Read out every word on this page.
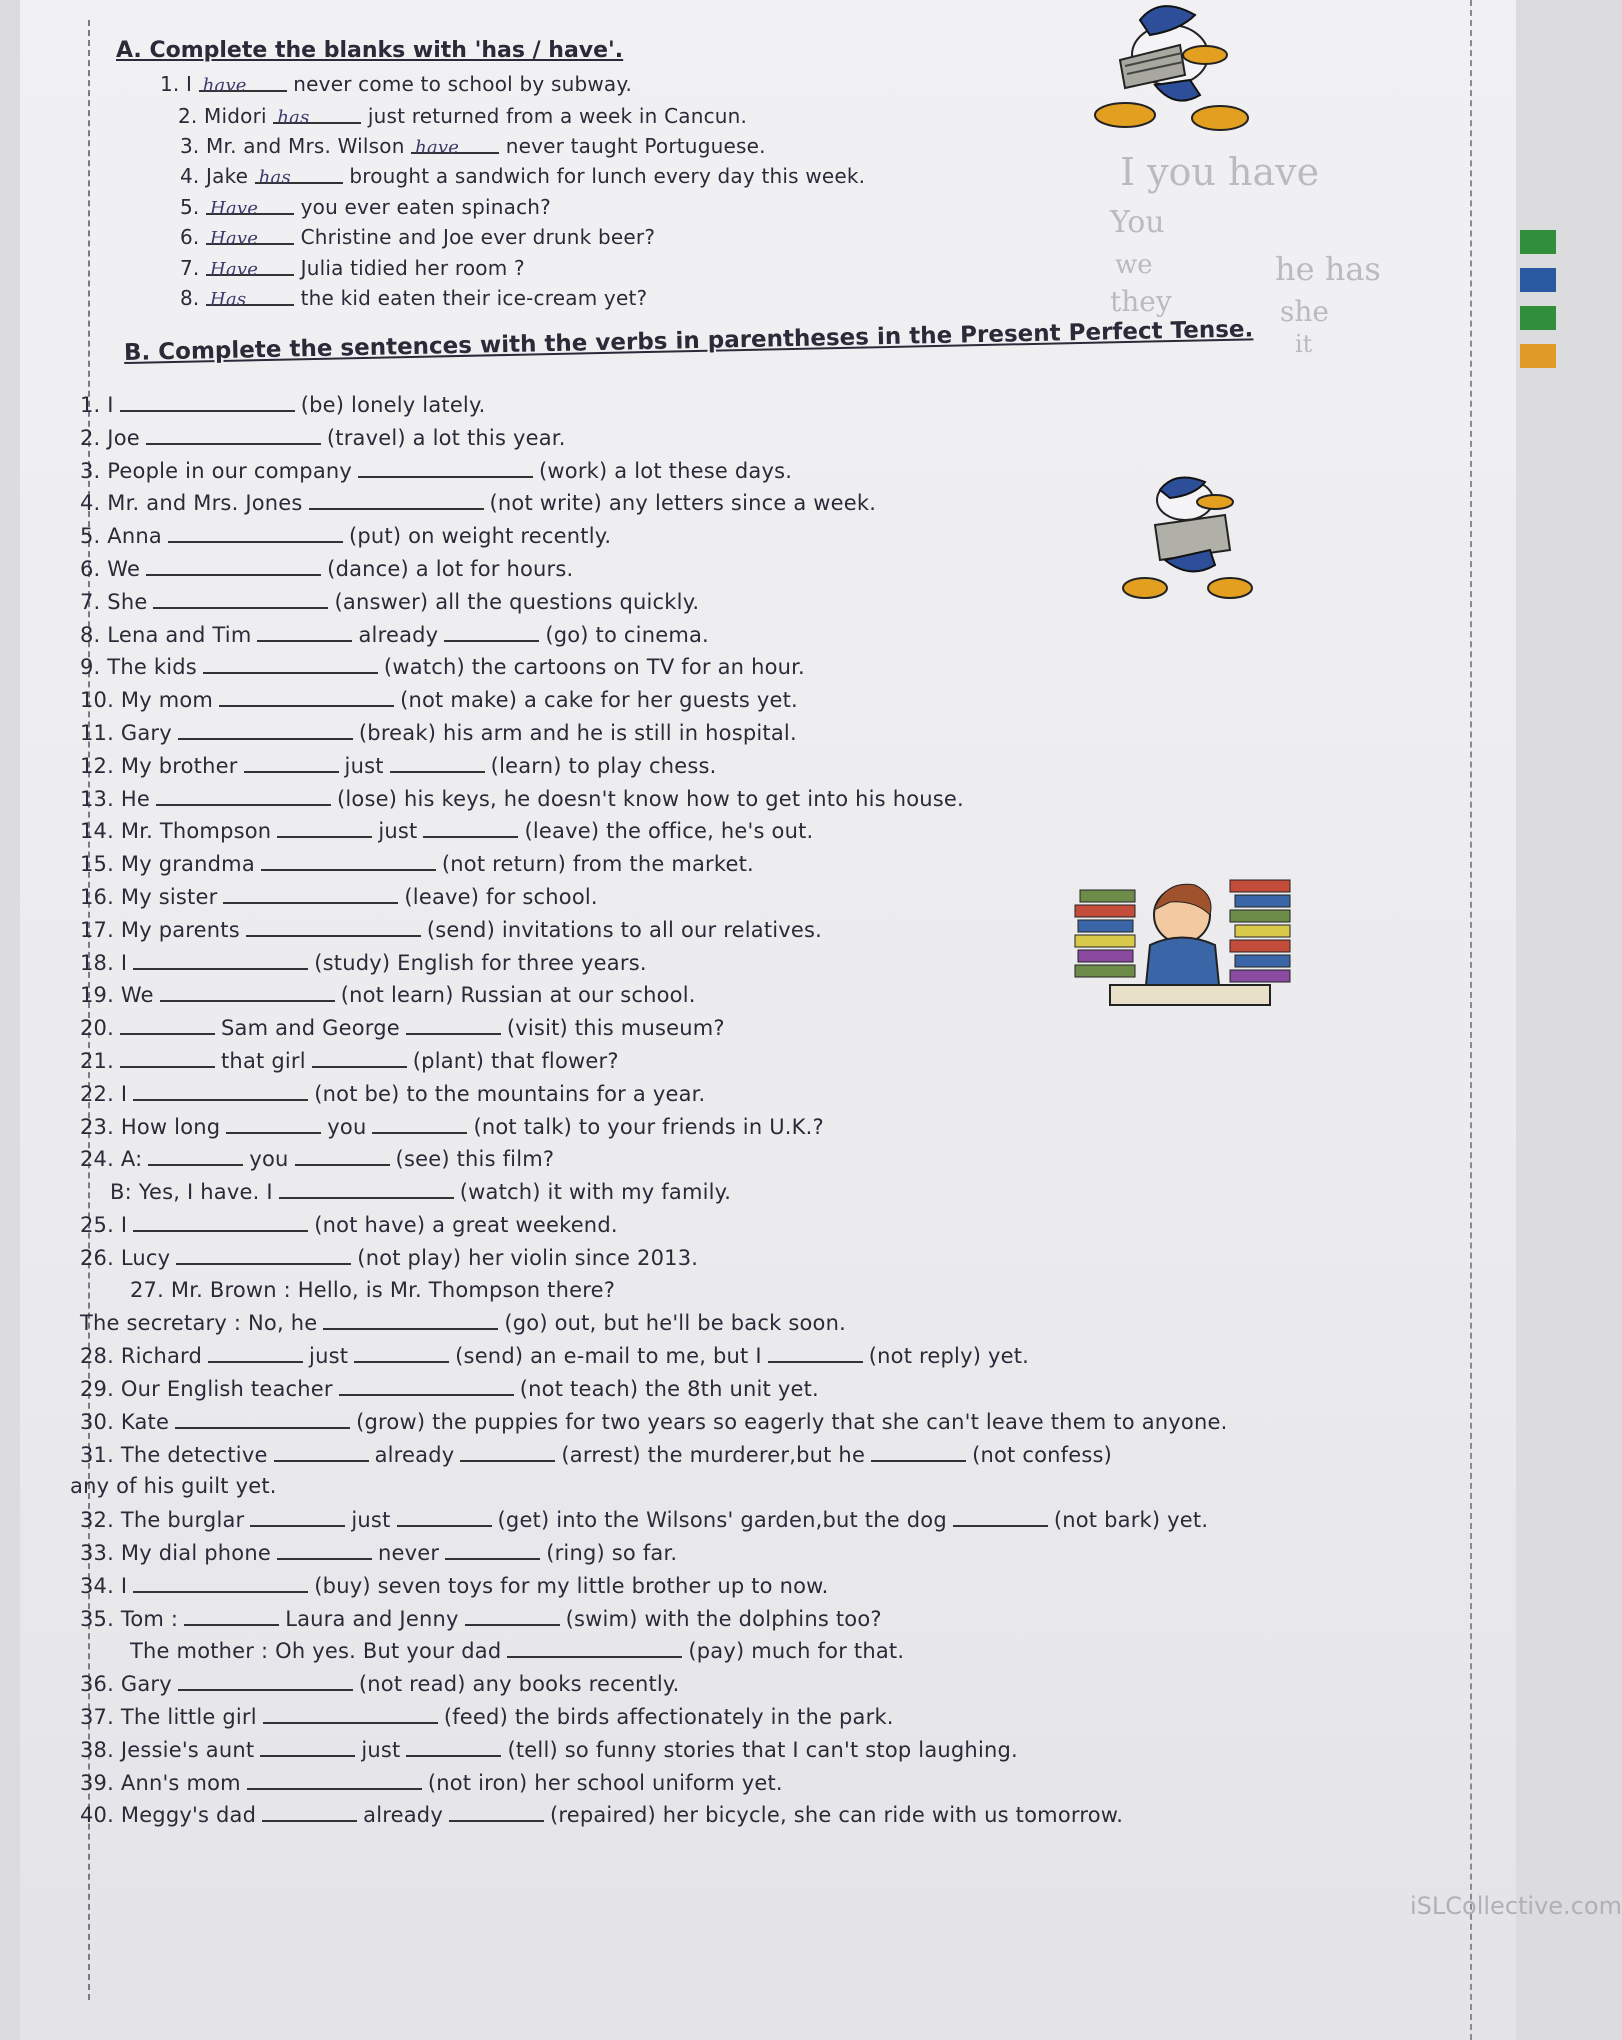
A. Complete the blanks with 'has / have'.
1. I have never come to school by subway.
2. Midori has	just returned from a week in Cancun.
3. Mr. and Mrs. Wilson have never taught Portuguese.
4. Jake has	brought a sandwich for lunch every day this week.
5. Have you ever eaten spinach?
6. Have Christine and Joe ever drunk beer?
7. Have Julia tidied her room ?
8. Has	the kid eaten their ice-cream yet?
I you have
You
we
they
he has
she
it
B. Complete the sentences with the verbs in parentheses in the Present Perfect Tense.
1. I	(be) lonely lately.
2. Joe	(travel) a lot this year.
3. People in our company	(work) a lot these days.
4. Mr. and Mrs. Jones	(not write) any letters since a week.
5. Anna	(put) on weight recently.
6. We	(dance) a lot for hours.
7. She	(answer) all the questions quickly.
8. Lena and Tim	already	(go) to cinema.
9. The kids	(watch) the cartoons on TV for an hour.
10. My mom	(not make) a cake for her guests yet.
11. Gary	(break) his arm and he is still in hospital.
12. My brother	just	(learn) to play chess.
13. He	(lose) his keys, he doesn't know how to get into his house.
14. Mr. Thompson	just	(leave) the office, he's out.
15. My grandma	(not return) from the market.
16. My sister	(leave) for school.
17. My parents	(send) invitations to all our relatives.
18. I	(study) English for three years.
19. We	(not learn) Russian at our school.
20.	Sam and George	(visit) this museum?
21.	that girl	(plant) that flower?
22. I	(not be) to the mountains for a year.
23. How long	you	(not talk) to your friends in U.K.?
24. A:	you	(see) this film?
B: Yes, I have. I	(watch) it with my family.
25. I	(not have) a great weekend.
26. Lucy	(not play) her violin since 2013.
27. Mr. Brown : Hello, is Mr. Thompson there?
The secretary : No, he	(go) out, but he'll be back soon.
28. Richard	just	(send) an e-mail to me, but I	(not reply) yet.
29. Our English teacher	(not teach) the 8th unit yet.
30. Kate	(grow) the puppies for two years so eagerly that she can't leave them to anyone.
31. The detective	already	(arrest) the murderer,but he	(not confess)
any of his guilt yet.
32. The burglar	just	(get) into the Wilsons' garden,but the dog	(not bark) yet.
33. My dial phone	never	(ring) so far.
34. I	(buy) seven toys for my little brother up to now.
35. Tom :	Laura and Jenny	(swim) with the dolphins too?
The mother : Oh yes. But your dad	(pay) much for that.
36. Gary	(not read) any books recently.
37. The little girl	(feed) the birds affectionately in the park.
38. Jessie's aunt	just	(tell) so funny stories that I can't stop laughing.
39. Ann's mom	(not iron) her school uniform yet.
40. Meggy's dad	already	(repaired) her bicycle, she can ride with us tomorrow.
iSLCollective.com
